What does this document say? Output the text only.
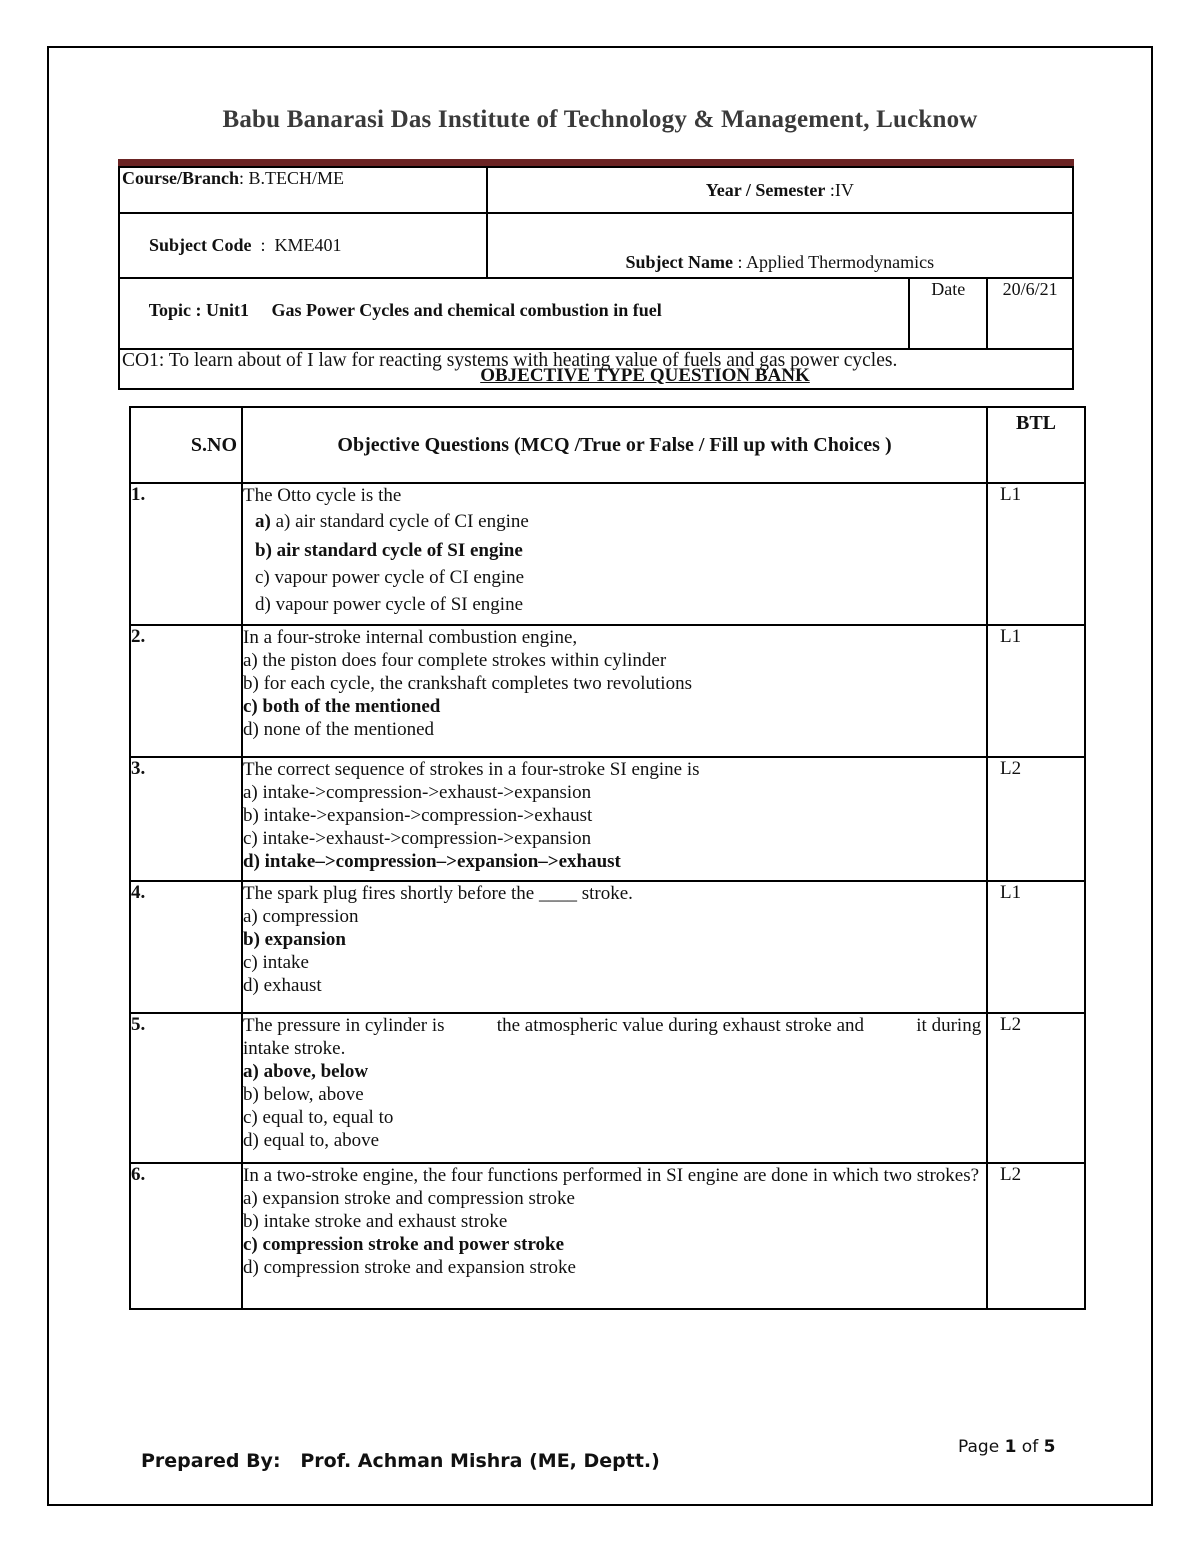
Babu Banarasi Das Institute of Technology & Management, Lucknow
Course/Branch: B.TECH/ME	Year / Semester :IV		

Subject Code  :  KME401	Subject Name : Applied Thermodynamics		

Topic : Unit1     Gas Power Cycles and chemical combustion in fuel		Date	20/6/21
CO1: To learn about of I law for reacting systems with heating value of fuels and gas power cycles.			
OBJECTIVE TYPE QUESTION BANK
S.NO	Objective Questions (MCQ /True or False / Fill up with Choices )	BTL
1.	The Otto cycle is the
a) a) air standard cycle of CI engine
b) air standard cycle of SI engine
c) vapour power cycle of CI engine
d) vapour power cycle of SI engine	L1
2.	In a four-stroke internal combustion engine,
a) the piston does four complete strokes within cylinder
b) for each cycle, the crankshaft completes two revolutions
c) both of the mentioned
d) none of the mentioned	L1
3.	The correct sequence of strokes in a four-stroke SI engine is
a) intake->compression->exhaust->expansion
b) intake->expansion->compression->exhaust
c) intake->exhaust->compression->expansion
d) intake–>compression–>expansion–>exhaust	L2
4.	The spark plug fires shortly before the ____ stroke.
a) compression
b) expansion
c) intake
d) exhaust	L1
5.	The pressure in cylinder is           the atmospheric value during exhaust stroke and           it during intake stroke.
a) above, below
b) below, above
c) equal to, equal to
d) equal to, above	L2
6.	In a two-stroke engine, the four functions performed in SI engine are done in which two strokes?
a) expansion stroke and compression stroke
b) intake stroke and exhaust stroke
c) compression stroke and power stroke
d) compression stroke and expansion stroke	L2
Prepared By:   Prof. Achman Mishra (ME, Deptt.)
Page 1 of 5
